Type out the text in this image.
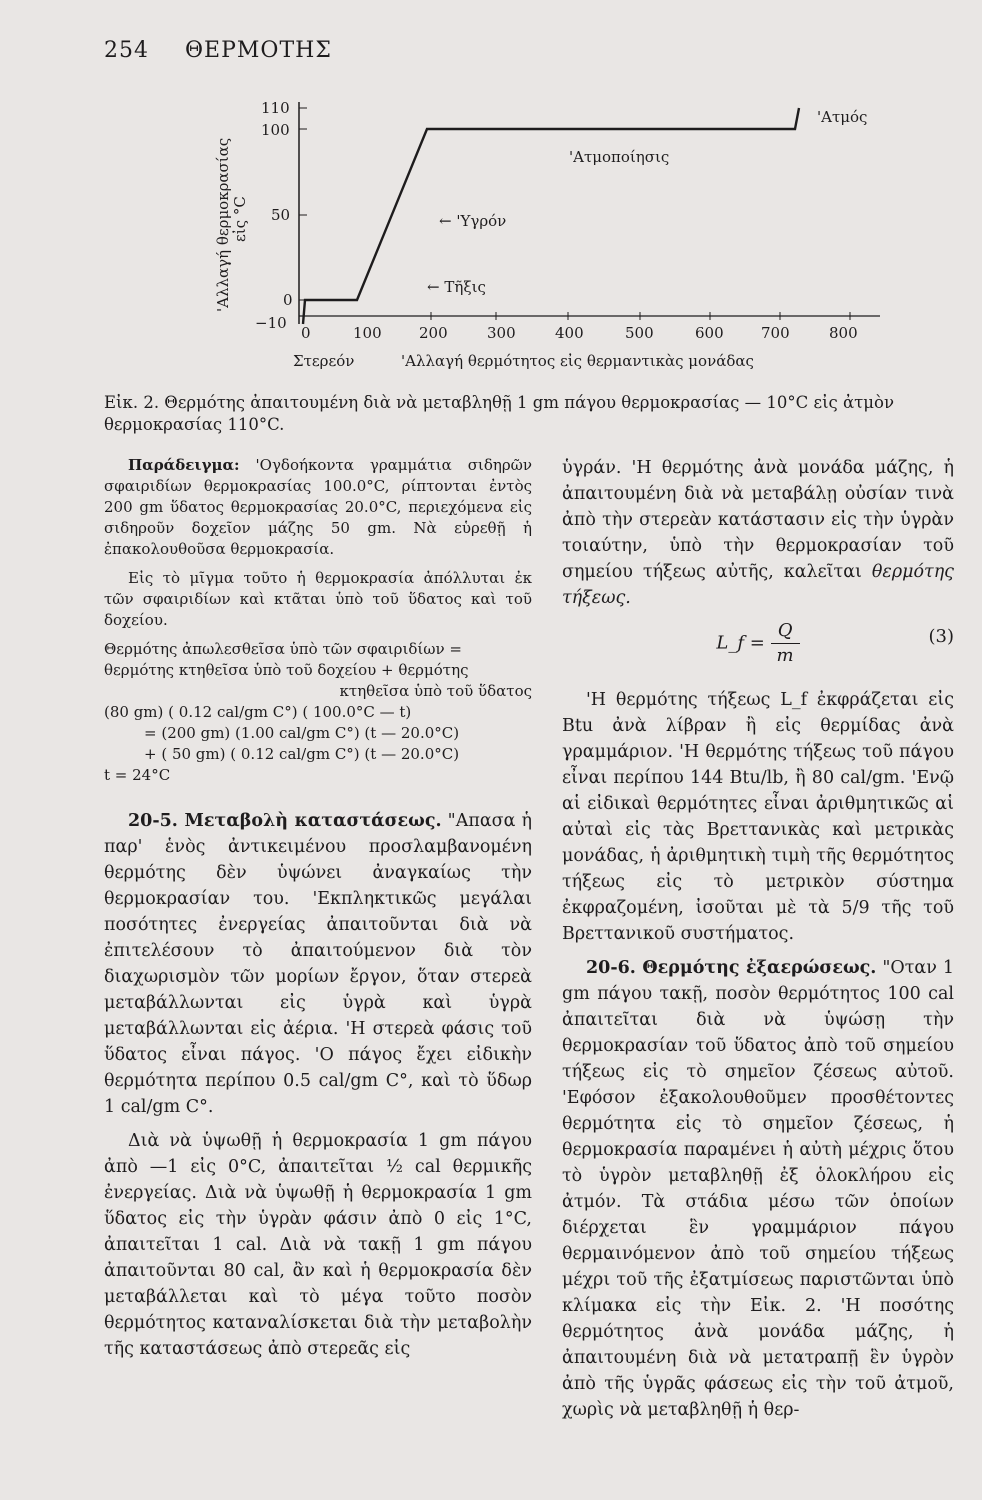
254 ΘΕΡΜΟΤΗΣ
'Αλλαγή θερμοκρασίας εἰς °C
110
100
50
0
−10
0	100 200	300	400	500	600 700	800
'Ατμός
'Ατμοποίησις
← 'Υγρόν
← Τῆξις
Στερεόν	'Αλλαγή θερμότητος εἰς θερμαντικὰς μονάδας
Εἰκ. 2. Θερμότης ἀπαιτουμένη διὰ νὰ μεταβληθῇ 1 gm πάγου θερμοκρασίας — 10°C εἰς ἀτμὸν θερμοκρασίας 110°C.

Παράδειγμα: 'Ογδοήκοντα γραμμάτια σιδηρῶν σφαιριδίων θερμοκρασίας 100.0°C, ρίπτονται ἐντὸς 200 gm ὕδατος θερμοκρασίας 20.0°C, περιεχόμενα εἰς σιδηροῦν δοχεῖον μάζης 50 gm. Νὰ εὑρεθῇ ἡ ἐπακολουθοῦσα θερμοκρασία.

Εἰς τὸ μῖγμα τοῦτο ἡ θερμοκρασία ἀπόλλυται ἐκ τῶν σφαιριδίων καὶ κτᾶται ὑπὸ τοῦ ὕδατος καὶ τοῦ δοχείου.

Θερμότης ἀπωλεσθεῖσα ὑπὸ τῶν σφαιριδίων =
θερμότης κτηθεῖσα ὑπὸ τοῦ δοχείου + θερμότης
κτηθεῖσα ὑπὸ τοῦ ὕδατος
(80 gm) ( 0.12 cal/gm C°) ( 100.0°C — t)
= (200 gm) (1.00 cal/gm C°) (t — 20.0°C)
+ ( 50 gm) ( 0.12 cal/gm C°) (t — 20.0°C)
t = 24°C

20-5. Μεταβολὴ καταστάσεως. "Απασα ἡ παρ' ἑνὸς ἀντικειμένου προσλαμβανομένη θερμότης δὲν ὑψώνει ἀναγκαίως τὴν θερμοκρασίαν του. 'Εκπληκτικῶς μεγάλαι ποσότητες ἐνεργείας ἀπαιτοῦνται διὰ νὰ ἐπιτελέσουν τὸ ἀπαιτούμενον διὰ τὸν διαχωρισμὸν τῶν μορίων ἔργον, ὅταν στερεὰ μεταβάλλωνται εἰς ὑγρὰ καὶ ὑγρὰ μεταβάλλωνται εἰς ἀέρια. 'Η στερεὰ φάσις τοῦ ὕδατος εἶναι πάγος. 'Ο πάγος ἔχει εἰδικὴν θερμότητα περίπου 0.5 cal/gm C°, καὶ τὸ ὕδωρ 1 cal/gm C°.

Διὰ νὰ ὑψωθῇ ἡ θερμοκρασία 1 gm πάγου ἀπὸ —1 εἰς 0°C, ἀπαιτεῖται ½ cal θερμικῆς ἐνεργείας. Διὰ νὰ ὑψωθῇ ἡ θερμοκρασία 1 gm ὕδατος εἰς τὴν ὑγρὰν φάσιν ἀπὸ 0 εἰς 1°C, ἀπαιτεῖται 1 cal. Διὰ νὰ τακῇ 1 gm πάγου ἀπαιτοῦνται 80 cal, ἂν καὶ ἡ θερμοκρασία δὲν μεταβάλλεται καὶ τὸ μέγα τοῦτο ποσὸν θερμότητος καταναλίσκεται διὰ τὴν μεταβολὴν τῆς καταστάσεως ἀπὸ στερεᾶς εἰς

ὑγράν. 'Η θερμότης ἀνὰ μονάδα μάζης, ἡ ἀπαιτουμένη διὰ νὰ μεταβάλῃ οὐσίαν τινὰ ἀπὸ τὴν στερεὰν κατάστασιν εἰς τὴν ὑγρὰν τοιαύτην, ὑπὸ τὴν θερμοκρασίαν τοῦ σημείου τήξεως αὐτῆς, καλεῖται θερμότης τήξεως.

L_f = $\frac{Q}{m}$	(3)

'Η θερμότης τήξεως L_f ἐκφράζεται εἰς Btu ἀνὰ λίβραν ἢ εἰς θερμίδας ἀνὰ γραμμάριον. 'Η θερμότης τήξεως τοῦ πάγου εἶναι περίπου 144 Btu/lb, ἢ 80 cal/gm. 'Ενῷ αἱ εἰδικαὶ θερμότητες εἶναι ἀριθμητικῶς αἱ αὐταὶ εἰς τὰς Βρεττανικὰς καὶ μετρικὰς μονάδας, ἡ ἀριθμητικὴ τιμὴ τῆς θερμότητος τήξεως εἰς τὸ μετρικὸν σύστημα ἐκφραζομένη, ἰσοῦται μὲ τὰ 5/9 τῆς τοῦ Βρεττανικοῦ συστήματος.

20-6. Θερμότης ἐξαερώσεως. "Οταν 1 gm πάγου τακῇ, ποσὸν θερμότητος 100 cal ἀπαιτεῖται διὰ νὰ ὑψώσῃ τὴν θερμοκρασίαν τοῦ ὕδατος ἀπὸ τοῦ σημείου τήξεως εἰς τὸ σημεῖον ζέσεως αὐτοῦ. 'Εφόσον ἐξακολουθοῦμεν προσθέτοντες θερμότητα εἰς τὸ σημεῖον ζέσεως, ἡ θερμοκρασία παραμένει ἡ αὐτὴ μέχρις ὅτου τὸ ὑγρὸν μεταβληθῇ ἐξ ὁλοκλήρου εἰς ἀτμόν. Τὰ στάδια μέσω τῶν ὁποίων διέρχεται ἓν γραμμάριον πάγου θερμαινόμενον ἀπὸ τοῦ σημείου τήξεως μέχρι τοῦ τῆς ἐξατμίσεως παριστῶνται ὑπὸ κλίμακα εἰς τὴν Εἰκ. 2. 'Η ποσότης θερμότητος ἀνὰ μονάδα μάζης, ἡ ἀπαιτουμένη διὰ νὰ μετατραπῇ ἓν ὑγρὸν ἀπὸ τῆς ὑγρᾶς φάσεως εἰς τὴν τοῦ ἀτμοῦ, χωρὶς νὰ μεταβληθῇ ἡ θερ-
